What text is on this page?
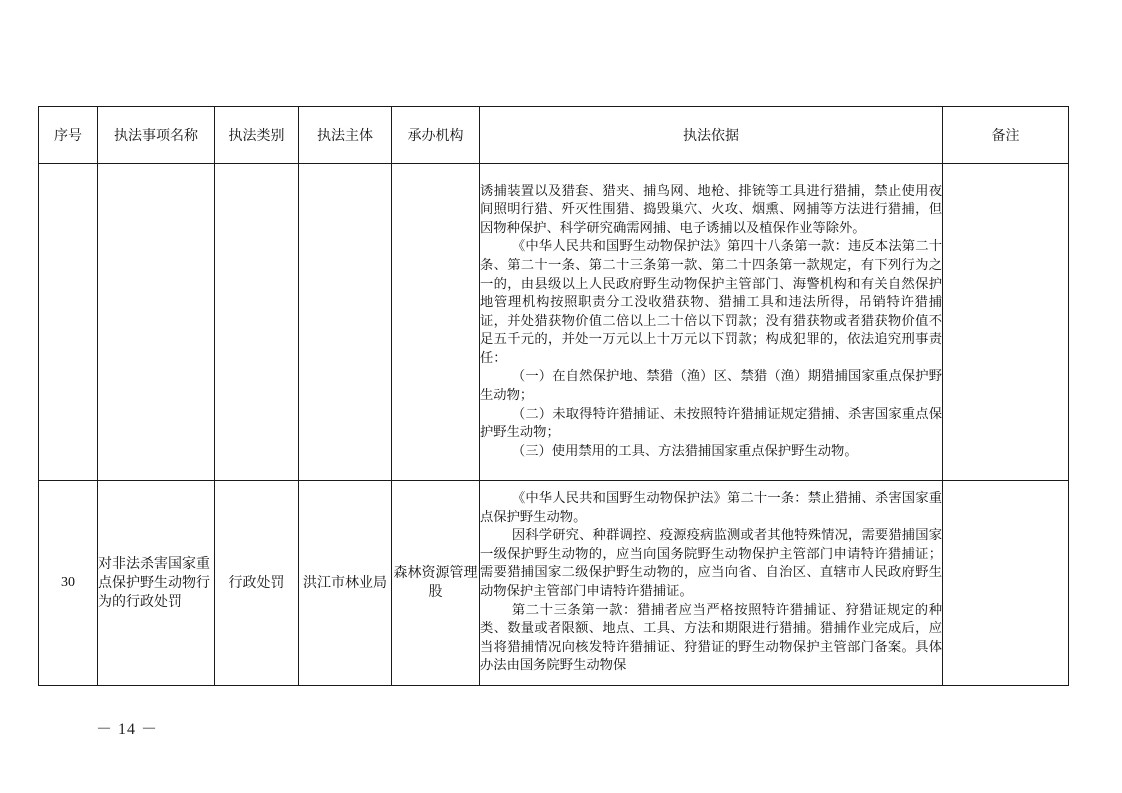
序号	执法事项名称	执法类别	执法主体	承办机构	执法依据	备注

					诱捕装置以及猎套、猎夹、捕鸟网、地枪、排铳等工具进行猎捕，禁止使用夜间照明行猎、歼灭性围猎、捣毁巢穴、火攻、烟熏、网捕等方法进行猎捕，但因物种保护、科学研究确需网捕、电子诱捕以及植保作业等除外。

《中华人民共和国野生动物保护法》第四十八条第一款：违反本法第二十条、第二十一条、第二十三条第一款、第二十四条第一款规定，有下列行为之一的，由县级以上人民政府野生动物保护主管部门、海警机构和有关自然保护地管理机构按照职责分工没收猎获物、猎捕工具和违法所得，吊销特许猎捕证，并处猎获物价值二倍以上二十倍以下罚款；没有猎获物或者猎获物价值不足五千元的，并处一万元以上十万元以下罚款；构成犯罪的，依法追究刑事责任：

（一）在自然保护地、禁猎（渔）区、禁猎（渔）期猎捕国家重点保护野生动物；

（二）未取得特许猎捕证、未按照特许猎捕证规定猎捕、杀害国家重点保护野生动物；

（三）使用禁用的工具、方法猎捕国家重点保护野生动物。	

30	对非法杀害国家重点保护野生动物行为的行政处罚	行政处罚	洪江市林业局	森林资源管理股	《中华人民共和国野生动物保护法》第二十一条：禁止猎捕、杀害国家重点保护野生动物。

因科学研究、种群调控、疫源疫病监测或者其他特殊情况，需要猎捕国家一级保护野生动物的，应当向国务院野生动物保护主管部门申请特许猎捕证；需要猎捕国家二级保护野生动物的，应当向省、自治区、直辖市人民政府野生动物保护主管部门申请特许猎捕证。

第二十三条第一款：猎捕者应当严格按照特许猎捕证、狩猎证规定的种类、数量或者限额、地点、工具、方法和期限进行猎捕。猎捕作业完成后，应当将猎捕情况向核发特许猎捕证、狩猎证的野生动物保护主管部门备案。具体办法由国务院野生动物保	

－ 14 －
